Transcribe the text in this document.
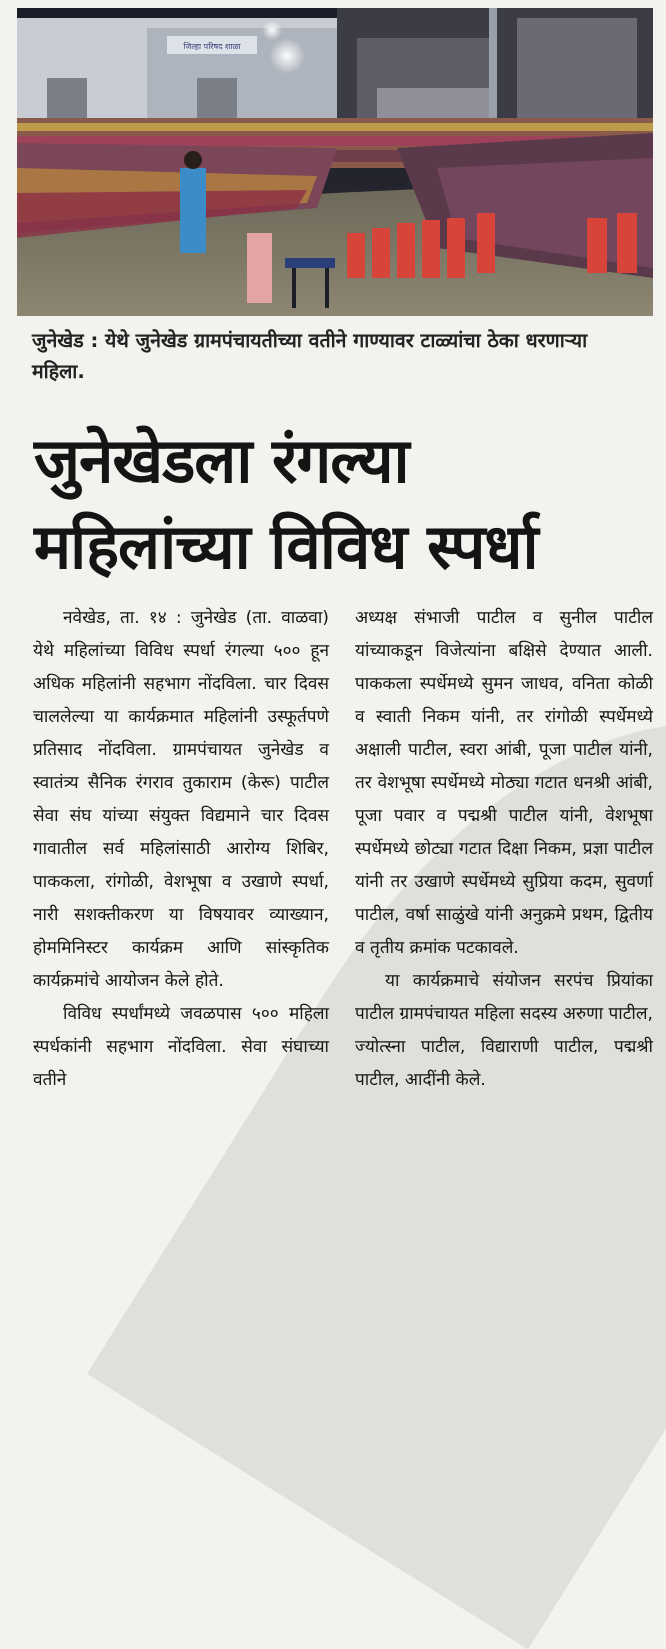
जिल्हा परिषद शाळा
जुनेखेड : येथे जुनेखेड ग्रामपंचायतीच्या वतीने गाण्यावर टाळ्यांचा ठेका धरणाऱ्या महिला.
जुनेखेडला रंगल्या
महिलांच्या विविध स्पर्धा

नवेखेड, ता. १४ : जुनेखेड (ता. वाळवा) येथे महिलांच्या विविध स्पर्धा रंगल्या ५०० हून अधिक महिलांनी सहभाग नोंदविला. चार दिवस चाललेल्या या कार्यक्रमात महिलांनी उस्फूर्तपणे प्रतिसाद नोंदविला. ग्रामपंचायत जुनेखेड व स्वातंत्र्य सैनिक रंगराव तुकाराम (केरू) पाटील सेवा संघ यांच्या संयुक्त विद्यमाने चार दिवस गावातील सर्व महिलांसाठी आरोग्य शिबिर, पाककला, रांगोळी, वेशभूषा व उखाणे स्पर्धा, नारी सशक्तीकरण या विषयावर व्याख्यान, होममिनिस्टर कार्यक्रम आणि सांस्कृतिक कार्यक्रमांचे आयोजन केले होते.

विविध स्पर्धांमध्ये जवळपास ५०० महिला स्पर्धकांनी सहभाग नोंदविला. सेवा संघाच्या वतीने

अध्यक्ष संभाजी पाटील व सुनील पाटील यांच्याकडून विजेत्यांना बक्षिसे देण्यात आली. पाककला स्पर्धेमध्ये सुमन जाधव, वनिता कोळी व स्वाती निकम यांनी, तर रांगोळी स्पर्धेमध्ये अक्षाली पाटील, स्वरा आंबी, पूजा पाटील यांनी, तर वेशभूषा स्पर्धेमध्ये मोठ्या गटात धनश्री आंबी, पूजा पवार व पद्मश्री पाटील यांनी, वेशभूषा स्पर्धेमध्ये छोट्या गटात दिक्षा निकम, प्रज्ञा पाटील यांनी तर उखाणे स्पर्धेमध्ये सुप्रिया कदम, सुवर्णा पाटील, वर्षा साळुंखे यांनी अनुक्रमे प्रथम, द्वितीय व तृतीय क्रमांक पटकावले.

या कार्यक्रमाचे संयोजन सरपंच प्रियांका पाटील ग्रामपंचायत महिला सदस्य अरुणा पाटील, ज्योत्स्ना पाटील, विद्याराणी पाटील, पद्मश्री पाटील, आदींनी केले.
